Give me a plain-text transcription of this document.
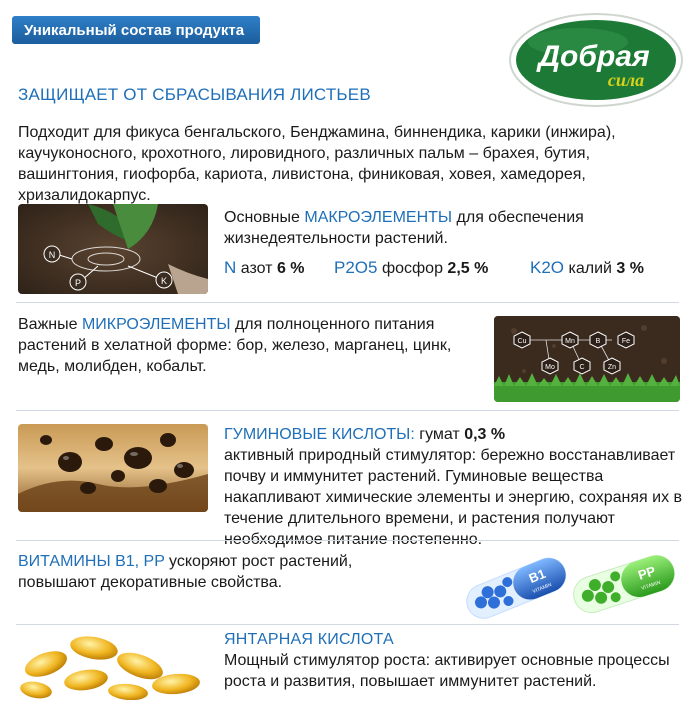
Уникальный состав продукта
Добрая
сила
ЗАЩИЩАЕТ ОТ СБРАСЫВАНИЯ ЛИСТЬЕВ
Подходит для фикуса бенгальского, Бенджамина, биннендика, карики (инжира),
каучуконосного, крохотного, лировидного, различных пальм – брахея, бутия,
вашингтония, гиофорба, кариота, ливистона, финиковая, ховея, хамедорея,
хризалидокарпус.
N
P	K
Основные МАКРОЭЛЕМЕНТЫ для обеспечения
жизнедеятельности растений.
N азот 6 % P2O5 фосфор 2,5 % K2O калий 3 %
Важные МИКРОЭЛЕМЕНТЫ для полноценного питания
растений в хелатной форме: бор, железо, марганец, цинк,
медь, молибден, кобальт.
Cu	Mn	B	Fe
Mo	C	Zn
ГУМИНОВЫЕ КИСЛОТЫ: гумат 0,3 %
активный природный стимулятор: бережно восстанавливает
почву и иммунитет растений. Гуминовые вещества
накапливают химические элементы и энергию, сохраняя их в
течение длительного времени, и растения получают
необходимое питание постепенно.
ВИТАМИНЫ B1, PP ускоряют рост растений,
повышают декоративные свойства.	B1
VITAMIN
PP
VITAMIN
ЯНТАРНАЯ КИСЛОТА
Мощный стимулятор роста: активирует основные процессы
роста и развития, повышает иммунитет растений.
